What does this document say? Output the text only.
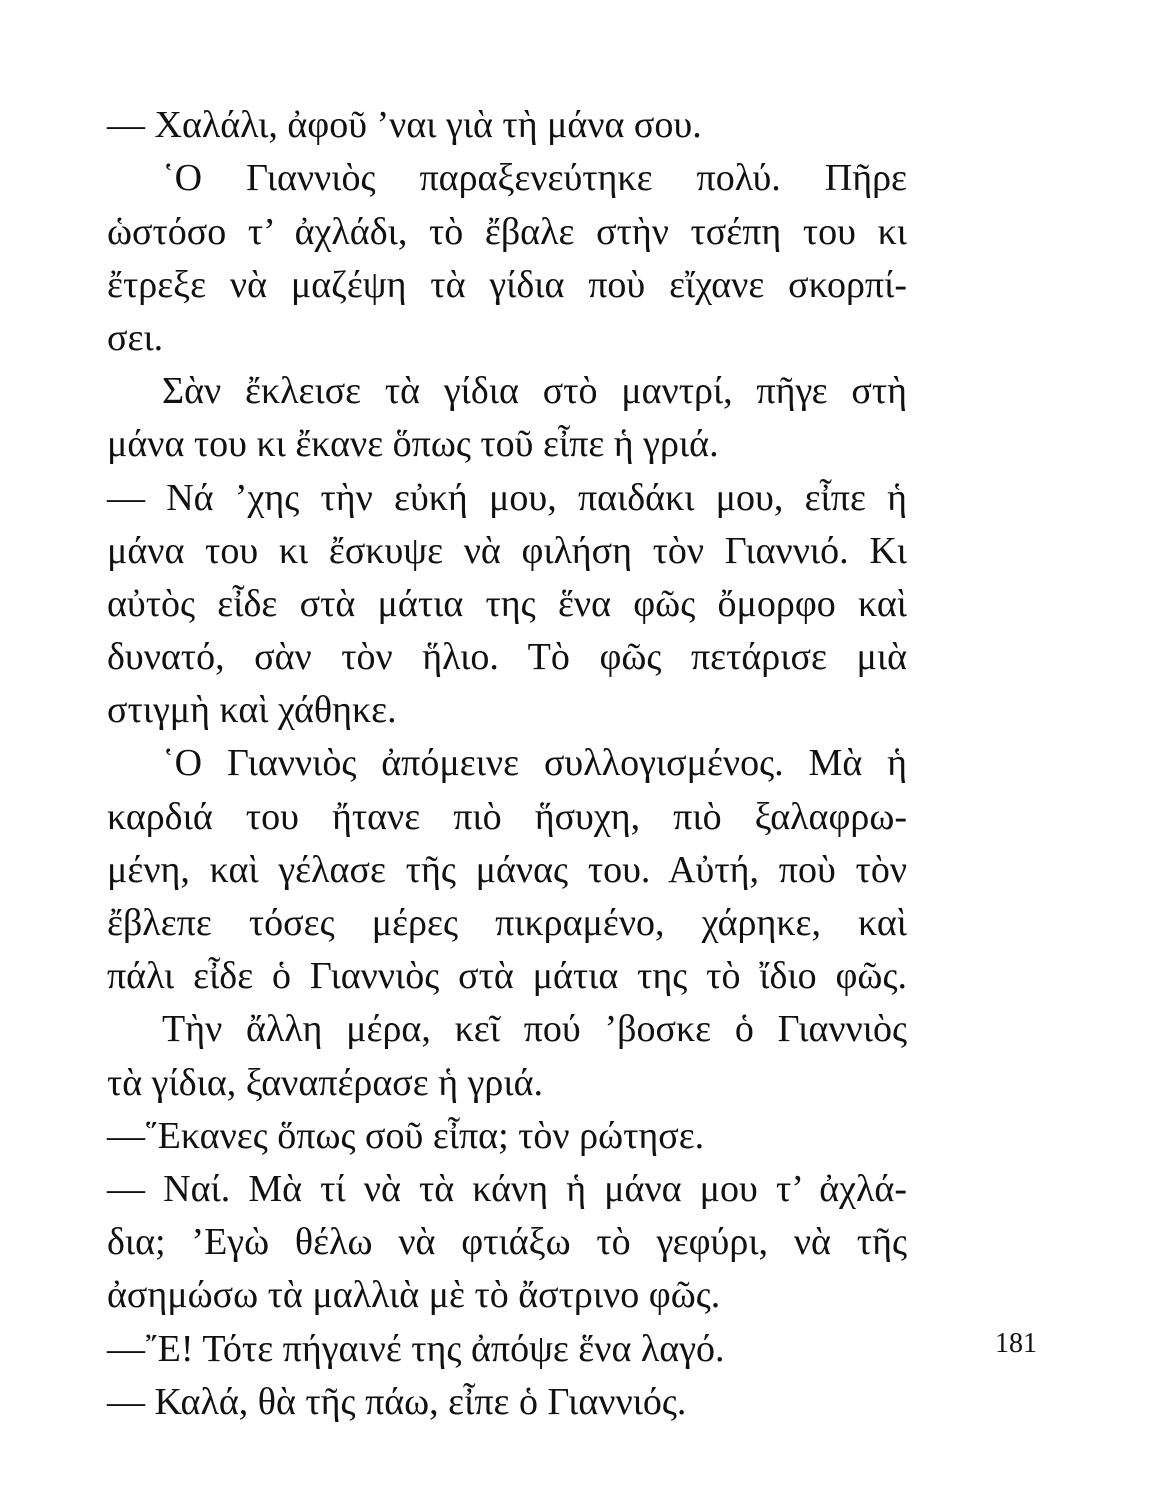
— Χαλάλι, ἀφοῦ ’ναι γιὰ τὴ μάνα σου.
῾Ο Γιαννιὸς παραξενεύτηκε πολύ. Πῆρε
ὡστόσο τ’ ἀχλάδι, τὸ ἔβαλε στὴν τσέπη του κι
ἔτρεξε νὰ μαζέψη τὰ γίδια ποὺ εἴχανε σκορπί-
σει.
Σὰν ἔκλεισε τὰ γίδια στὸ μαντρί, πῆγε στὴ
μάνα του κι ἔκανε ὅπως τοῦ εἶπε ἡ γριά.
— Νά ’χης τὴν εὐκή μου, παιδάκι μου, εἶπε ἡ
μάνα του κι ἔσκυψε νὰ φιλήση τὸν Γιαννιό. Κι
αὐτὸς εἶδε στὰ μάτια της ἕνα φῶς ὄμορφο καὶ
δυνατό, σὰν τὸν ἥλιο. Τὸ φῶς πετάρισε μιὰ
στιγμὴ καὶ χάθηκε.
῾Ο Γιαννιὸς ἀπόμεινε συλλογισμένος. Μὰ ἡ
καρδιά του ἤτανε πιὸ ἥσυχη, πιὸ ξαλαφρω-
μένη, καὶ γέλασε τῆς μάνας του. Αὐτή, ποὺ τὸν
ἔβλεπε τόσες μέρες πικραμένο, χάρηκε, καὶ
πάλι εἶδε ὁ Γιαννιὸς στὰ μάτια της τὸ ἴδιο φῶς.
Τὴν ἄλλη μέρα, κεῖ πού ’βοσκε ὁ Γιαννιὸς
τὰ γίδια, ξαναπέρασε ἡ γριά.
—῞Εκανες ὅπως σοῦ εἶπα; τὸν ρώτησε.
— Ναί. Μὰ τί νὰ τὰ κάνη ἡ μάνα μου τ’ ἀχλά-
δια; ’Εγὼ θέλω νὰ φτιάξω τὸ γεφύρι, νὰ τῆς
ἀσημώσω τὰ μαλλιὰ μὲ τὸ ἄστρινο φῶς.
—῎Ε! Τότε πήγαινέ της ἀπόψε ἕνα λαγό.
— Καλά, θὰ τῆς πάω, εἶπε ὁ Γιαννιός.
181
